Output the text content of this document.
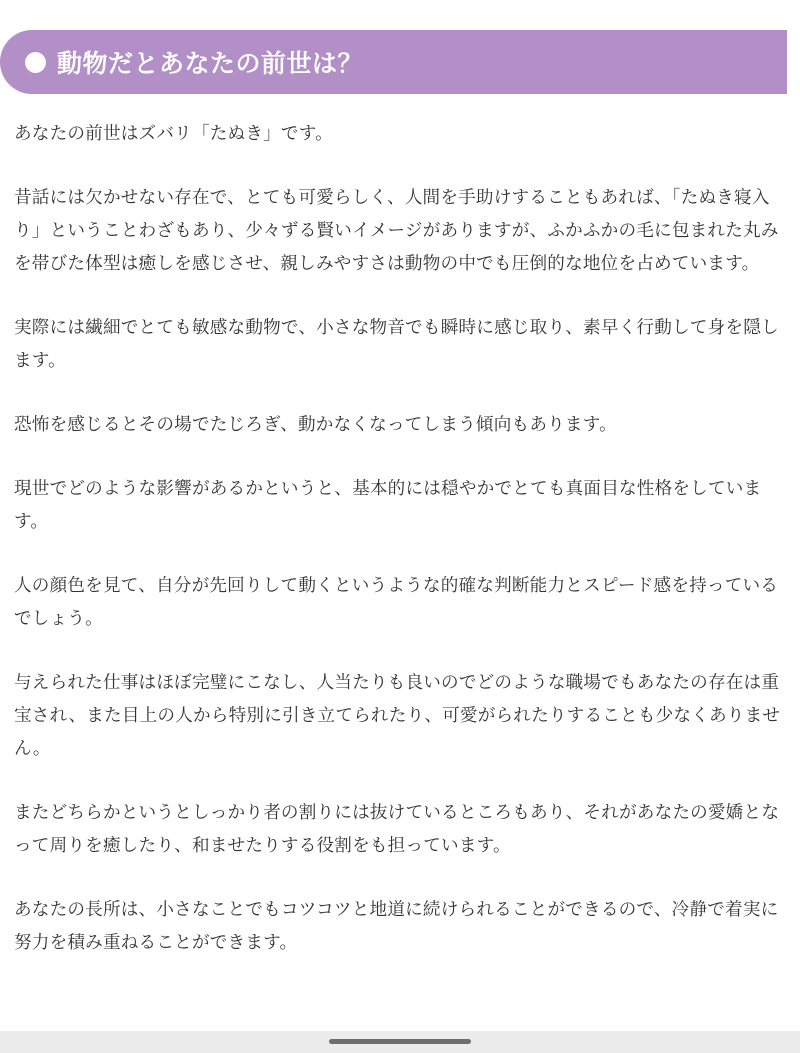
動物だとあなたの前世は？

あなたの前世はズバリ「たぬき」です。

昔話には欠かせない存在で、とても可愛らしく、人間を手助けすることもあれば、「たぬき寝入り」ということわざもあり、少々ずる賢いイメージがありますが、ふかふかの毛に包まれた丸みを帯びた体型は癒しを感じさせ、親しみやすさは動物の中でも圧倒的な地位を占めています。

実際には繊細でとても敏感な動物で、小さな物音でも瞬時に感じ取り、素早く行動して身を隠します。

恐怖を感じるとその場でたじろぎ、動かなくなってしまう傾向もあります。

現世でどのような影響があるかというと、基本的には穏やかでとても真面目な性格をしています。

人の顔色を見て、自分が先回りして動くというような的確な判断能力とスピード感を持っているでしょう。

与えられた仕事はほぼ完璧にこなし、人当たりも良いのでどのような職場でもあなたの存在は重宝され、また目上の人から特別に引き立てられたり、可愛がられたりすることも少なくありません。

またどちらかというとしっかり者の割りには抜けているところもあり、それがあなたの愛嬌となって周りを癒したり、和ませたりする役割をも担っています。

あなたの長所は、小さなことでもコツコツと地道に続けられることができるので、冷静で着実に努力を積み重ねることができます。
